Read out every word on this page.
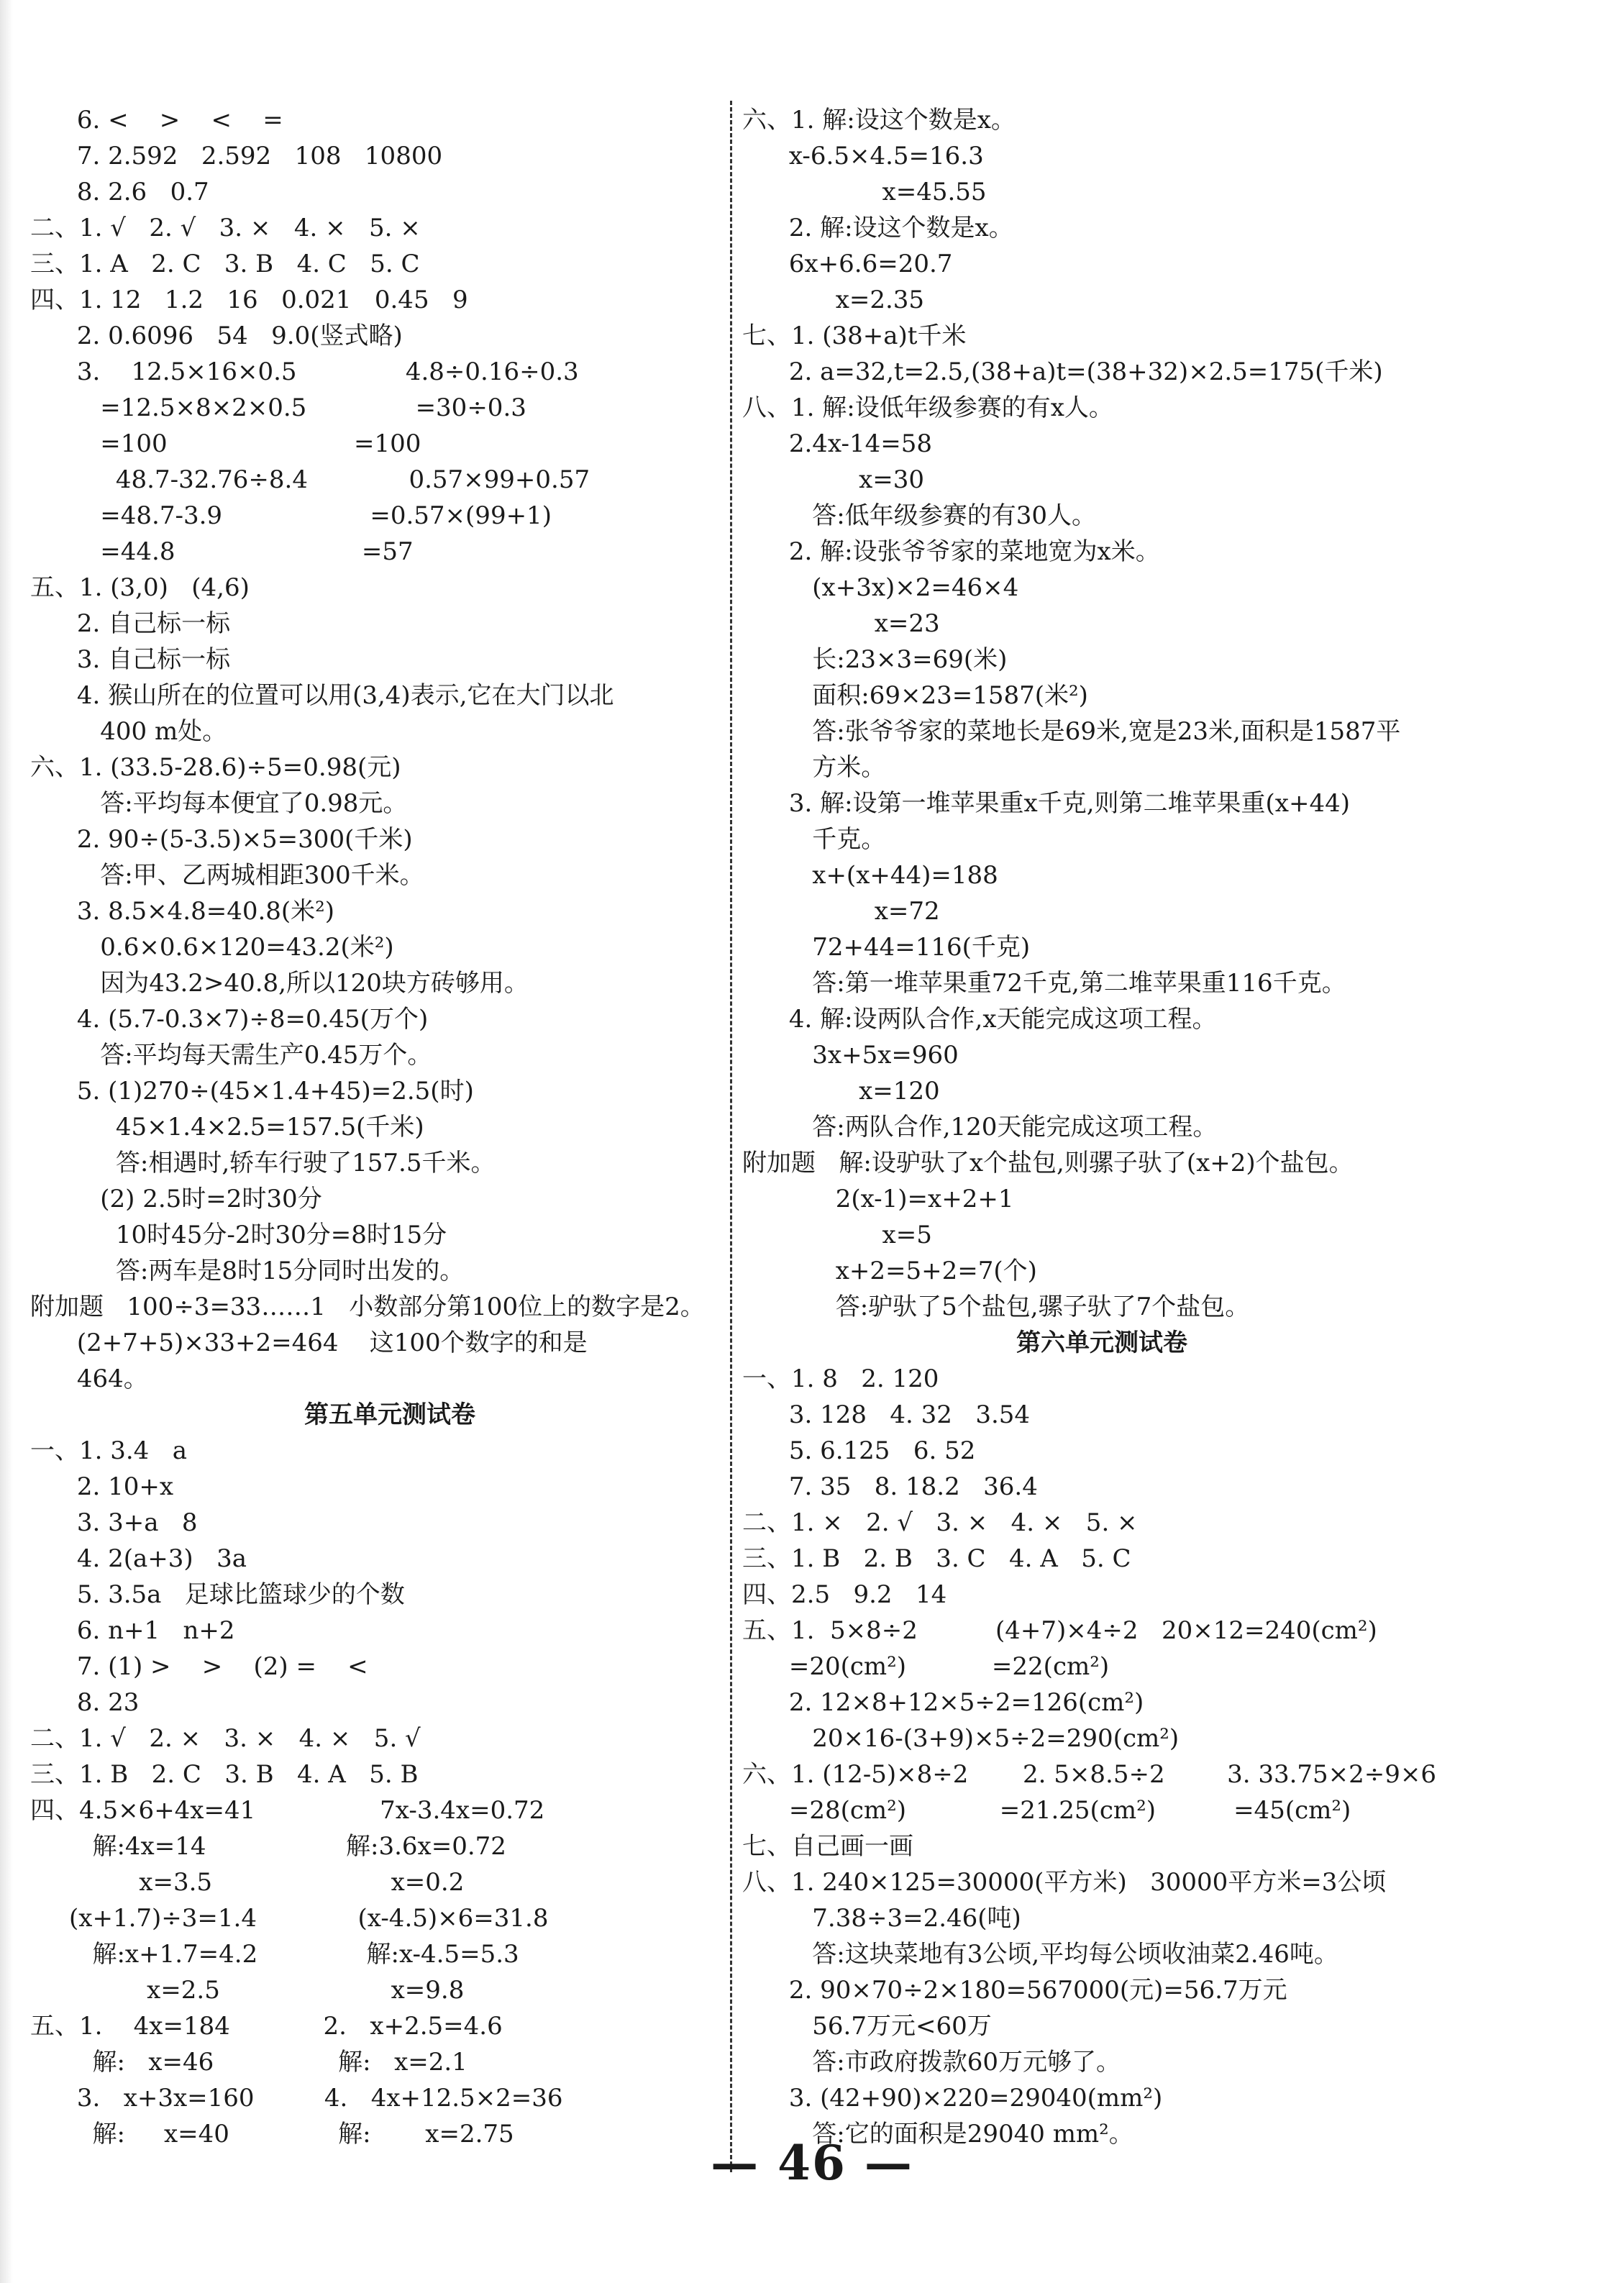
6. <    >    <    =
7. 2.592   2.592   108   10800
8. 2.6   0.7
二、1. √   2. √   3. ×   4. ×   5. ×
三、1. A   2. C   3. B   4. C   5. C
四、1. 12   1.2   16   0.021   0.45   9
2. 0.6096   54   9.0(竖式略)
3.    12.5×16×0.5              4.8÷0.16÷0.3
=12.5×8×2×0.5              =30÷0.3
=100                        =100
48.7-32.76÷8.4             0.57×99+0.57
=48.7-3.9                   =0.57×(99+1)
=44.8                        =57
五、1. (3,0)   (4,6)
2. 自己标一标
3. 自己标一标
4. 猴山所在的位置可以用(3,4)表示,它在大门以北
400 m处。
六、1. (33.5-28.6)÷5=0.98(元)
答:平均每本便宜了0.98元。
2. 90÷(5-3.5)×5=300(千米)
答:甲、乙两城相距300千米。
3. 8.5×4.8=40.8(米²)
0.6×0.6×120=43.2(米²)
因为43.2>40.8,所以120块方砖够用。
4. (5.7-0.3×7)÷8=0.45(万个)
答:平均每天需生产0.45万个。
5. (1)270÷(45×1.4+45)=2.5(时)
45×1.4×2.5=157.5(千米)
答:相遇时,轿车行驶了157.5千米。
(2) 2.5时=2时30分
10时45分-2时30分=8时15分
答:两车是8时15分同时出发的。
附加题   100÷3=33……1   小数部分第100位上的数字是2。
(2+7+5)×33+2=464    这100个数字的和是
464。
第五单元测试卷
一、1. 3.4   a
2. 10+x
3. 3+a   8
4. 2(a+3)   3a
5. 3.5a   足球比篮球少的个数
6. n+1   n+2
7. (1) >    >    (2) =    <
8. 23
二、1. √   2. ×   3. ×   4. ×   5. √
三、1. B   2. C   3. B   4. A   5. B
四、4.5×6+4x=41                7x-3.4x=0.72
解:4x=14                  解:3.6x=0.72
x=3.5                       x=0.2
(x+1.7)÷3=1.4             (x-4.5)×6=31.8
解:x+1.7=4.2              解:x-4.5=5.3
x=2.5                      x=9.8
五、1.    4x=184            2.   x+2.5=4.6
解:   x=46                解:   x=2.1
3.   x+3x=160         4.   4x+12.5×2=36
解:     x=40              解:       x=2.75
六、1. 解:设这个数是x。
x-6.5×4.5=16.3
x=45.55
2. 解:设这个数是x。
6x+6.6=20.7
x=2.35
七、1. (38+a)t千米
2. a=32,t=2.5,(38+a)t=(38+32)×2.5=175(千米)
八、1. 解:设低年级参赛的有x人。
2.4x-14=58
x=30
答:低年级参赛的有30人。
2. 解:设张爷爷家的菜地宽为x米。
(x+3x)×2=46×4
x=23
长:23×3=69(米)
面积:69×23=1587(米²)
答:张爷爷家的菜地长是69米,宽是23米,面积是1587平
方米。
3. 解:设第一堆苹果重x千克,则第二堆苹果重(x+44)
千克。
x+(x+44)=188
x=72
72+44=116(千克)
答:第一堆苹果重72千克,第二堆苹果重116千克。
4. 解:设两队合作,x天能完成这项工程。
3x+5x=960
x=120
答:两队合作,120天能完成这项工程。
附加题   解:设驴驮了x个盐包,则骡子驮了(x+2)个盐包。
2(x-1)=x+2+1
x=5
x+2=5+2=7(个)
答:驴驮了5个盐包,骡子驮了7个盐包。
第六单元测试卷
一、1. 8   2. 120
3. 128   4. 32   3.54
5. 6.125   6. 52
7. 35   8. 18.2   36.4
二、1. ×   2. √   3. ×   4. ×   5. ×
三、1. B   2. B   3. C   4. A   5. C
四、2.5   9.2   14
五、1.  5×8÷2          (4+7)×4÷2   20×12=240(cm²)
=20(cm²)           =22(cm²)
2. 12×8+12×5÷2=126(cm²)
20×16-(3+9)×5÷2=290(cm²)
六、1. (12-5)×8÷2       2. 5×8.5÷2        3. 33.75×2÷9×6
=28(cm²)            =21.25(cm²)          =45(cm²)
七、自己画一画
八、1. 240×125=30000(平方米)   30000平方米=3公顷
7.38÷3=2.46(吨)
答:这块菜地有3公顷,平均每公顷收油菜2.46吨。
2. 90×70÷2×180=567000(元)=56.7万元
56.7万元<60万
答:市政府拨款60万元够了。
3. (42+90)×220=29040(mm²)
答:它的面积是29040 mm²。
— 46 —
